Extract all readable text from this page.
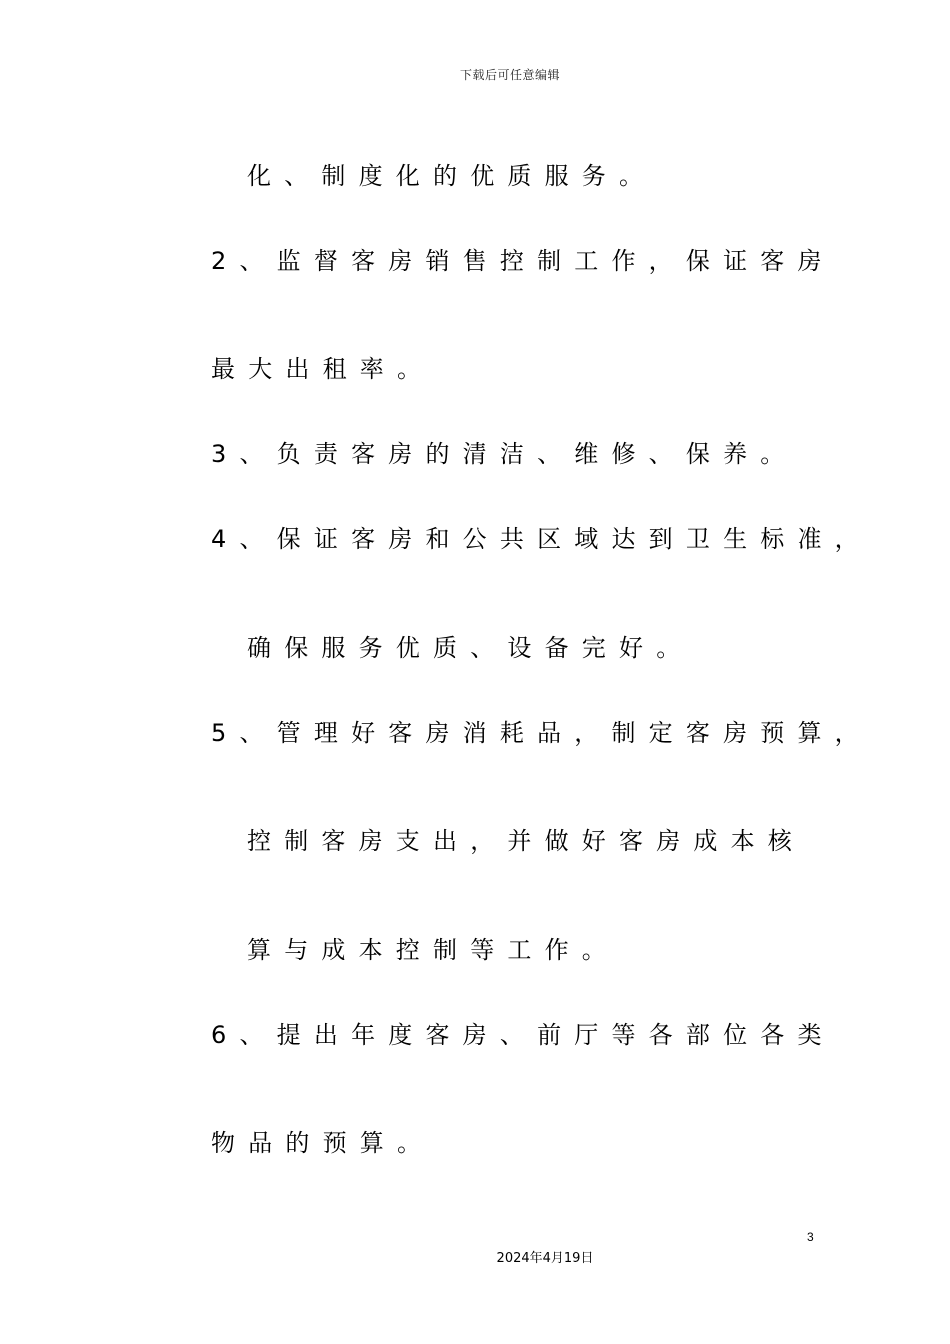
下载后可任意编辑
化、制度化的优质服务。
2、监督客房销售控制工作，保证客房
最大出租率。
3、负责客房的清洁、维修、保养。
4、保证客房和公共区域达到卫生标准，
确保服务优质、设备完好。
5、管理好客房消耗品，制定客房预算，
控制客房支出，并做好客房成本核
算与成本控制等工作。
6、提出年度客房、前厅等各部位各类
物品的预算。
3
2024年4月19日
